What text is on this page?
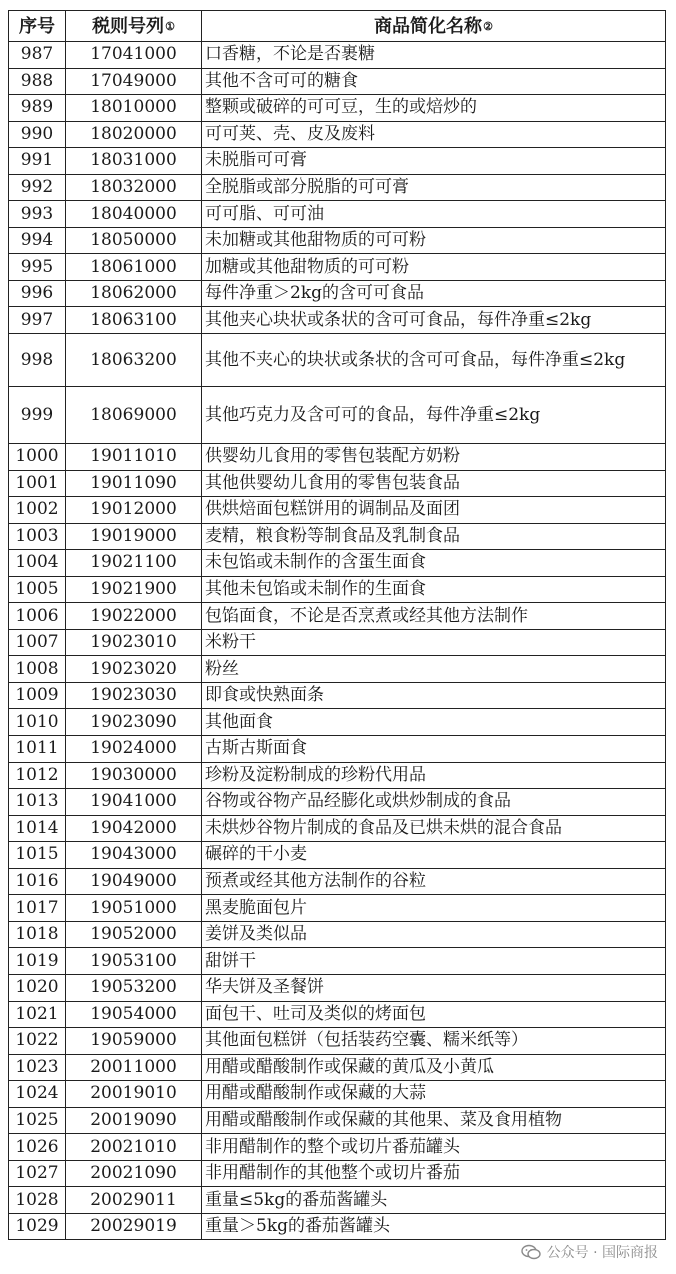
序号	税则号列①	商品简化名称②
987	17041000	口香糖，不论是否裹糖
988	17049000	其他不含可可的糖食
989	18010000	整颗或破碎的可可豆，生的或焙炒的
990	18020000	可可荚、壳、皮及废料
991	18031000	未脱脂可可膏
992	18032000	全脱脂或部分脱脂的可可膏
993	18040000	可可脂、可可油
994	18050000	未加糖或其他甜物质的可可粉
995	18061000	加糖或其他甜物质的可可粉
996	18062000	每件净重＞2kg的含可可食品
997	18063100	其他夹心块状或条状的含可可食品，每件净重≤2kg
998	18063200	其他不夹心的块状或条状的含可可食品，每件净重≤2kg
999	18069000	其他巧克力及含可可的食品，每件净重≤2kg
1000	19011010	供婴幼儿食用的零售包装配方奶粉
1001	19011090	其他供婴幼儿食用的零售包装食品
1002	19012000	供烘焙面包糕饼用的调制品及面团
1003	19019000	麦精，粮食粉等制食品及乳制食品
1004	19021100	未包馅或未制作的含蛋生面食
1005	19021900	其他未包馅或未制作的生面食
1006	19022000	包馅面食，不论是否烹煮或经其他方法制作
1007	19023010	米粉干
1008	19023020	粉丝
1009	19023030	即食或快熟面条
1010	19023090	其他面食
1011	19024000	古斯古斯面食
1012	19030000	珍粉及淀粉制成的珍粉代用品
1013	19041000	谷物或谷物产品经膨化或烘炒制成的食品
1014	19042000	未烘炒谷物片制成的食品及已烘未烘的混合食品
1015	19043000	碾碎的干小麦
1016	19049000	预煮或经其他方法制作的谷粒
1017	19051000	黑麦脆面包片
1018	19052000	姜饼及类似品
1019	19053100	甜饼干
1020	19053200	华夫饼及圣餐饼
1021	19054000	面包干、吐司及类似的烤面包
1022	19059000	其他面包糕饼（包括装药空囊、糯米纸等）
1023	20011000	用醋或醋酸制作或保藏的黄瓜及小黄瓜
1024	20019010	用醋或醋酸制作或保藏的大蒜
1025	20019090	用醋或醋酸制作或保藏的其他果、菜及食用植物
1026	20021010	非用醋制作的整个或切片番茄罐头
1027	20021090	非用醋制作的其他整个或切片番茄
1028	20029011	重量≤5kg的番茄酱罐头
1029	20029019	重量＞5kg的番茄酱罐头
公众号 · 国际商报
